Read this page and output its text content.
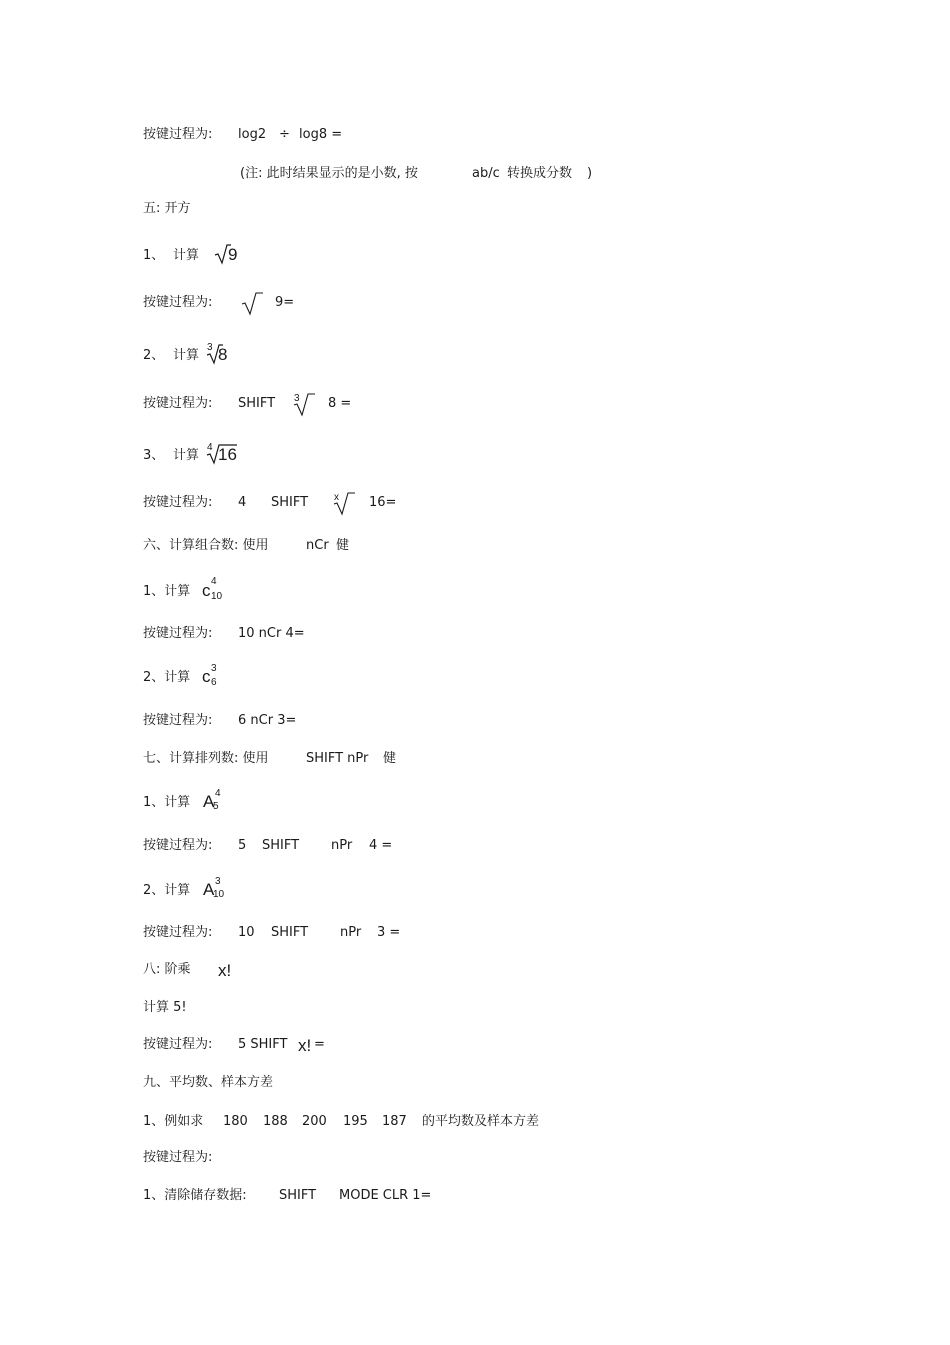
按键过程为: log2 ÷ log8 =
(注: 此时结果显示的是小数, 按	ab/c 转换成分数 )
五: 开方
1、 计算 9
按键过程为:	9=
2、 计算
3 8
按键过程为: SHIFT 3 8 =
3、 计算
4 16
按键过程为: 4 SHIFT	x 16=
六、计算组合数: 使用	nCr 健
1、计算 c 4
10
按键过程为: 10 nCr 4=
2、计算 c 3
6
按键过程为: 6 nCr 3=
七、计算排列数: 使用	SHIFT nPr 健
1、计算 A 4
5
按键过程为: 5 SHIFT nPr 4 =
2、计算 A 3
10
按键过程为: 10 SHIFT nPr 3 =
八: 阶乘 x!
计算 5!
按键过程为: 5 SHIFT x! =
九、平均数、样本方差
1、例如求 180 188 200 195 187 的平均数及样本方差
按键过程为:
1、清除储存数据: SHIFT MODE CLR 1=
